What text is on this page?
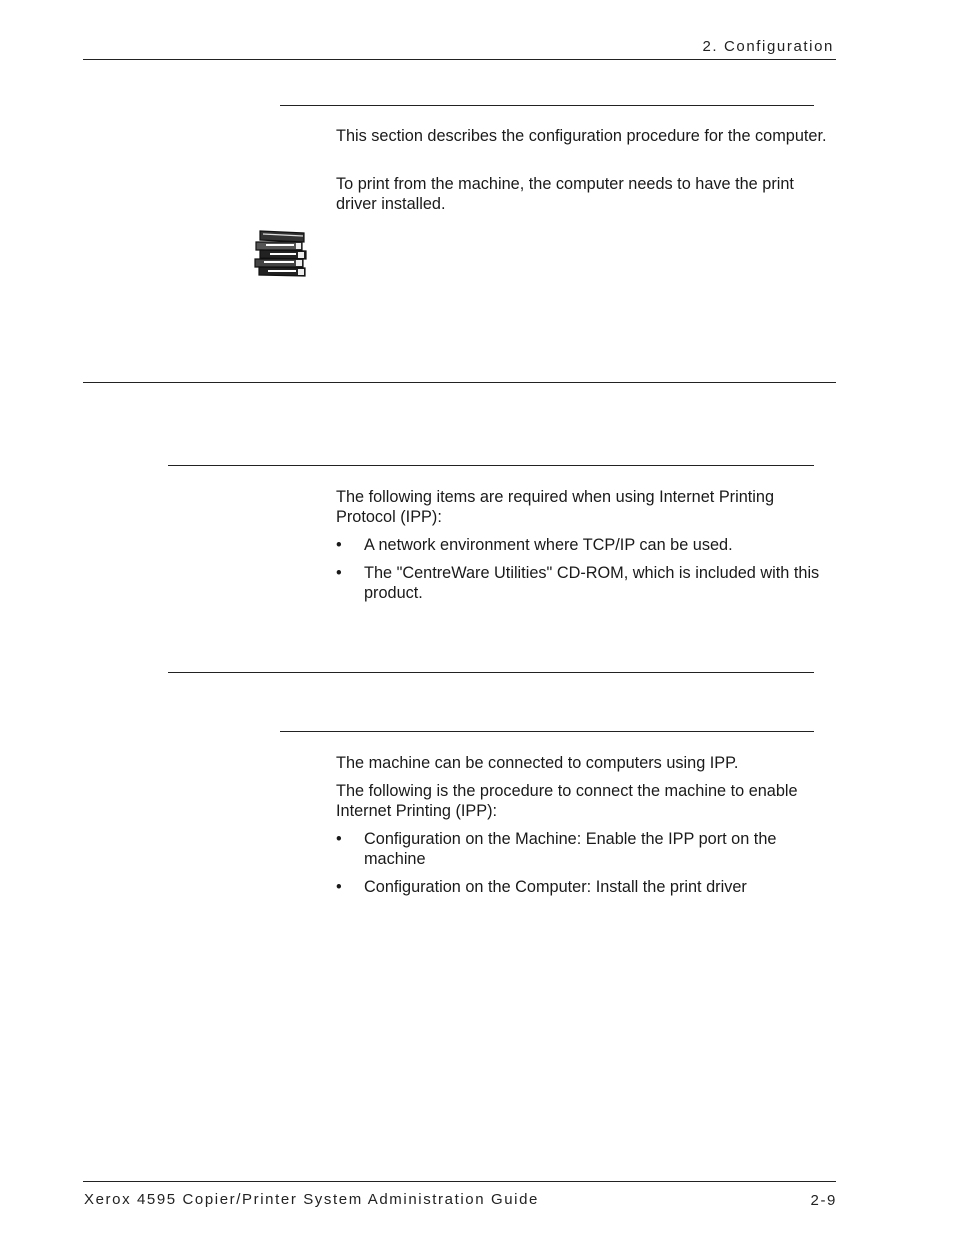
2. Configuration

This section describes the configuration procedure for the computer.

To print from the machine, the computer needs to have the print driver installed.

The following items are required when using Internet Printing Protocol (IPP):

• A network environment where TCP/IP can be used.
• The "CentreWare Utilities" CD-ROM, which is included with this product.

The machine can be connected to computers using IPP.

The following is the procedure to connect the machine to enable Internet Printing (IPP):

• Configuration on the Machine: Enable the IPP port on the machine
• Configuration on the Computer: Install the print driver
Xerox 4595 Copier/Printer System Administration Guide	2-9
